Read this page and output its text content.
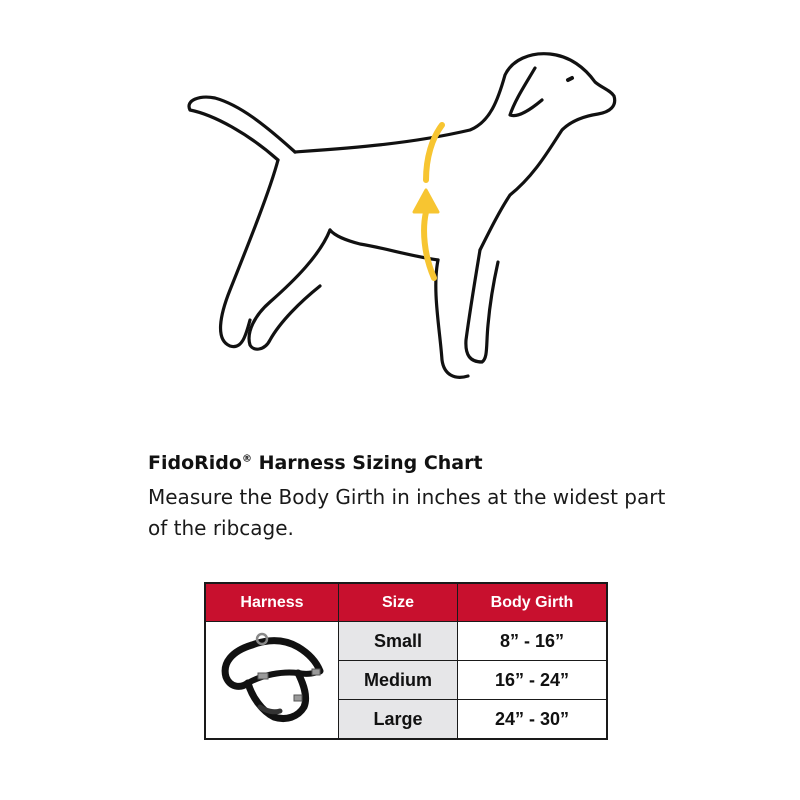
FidoRido® Harness Sizing Chart
Measure the Body Girth in inches at the widest part of the ribcage.
Harness	Size	Body Girth

	Small	8” - 16”
	Medium	16” - 24”
	Large	24” - 30”
